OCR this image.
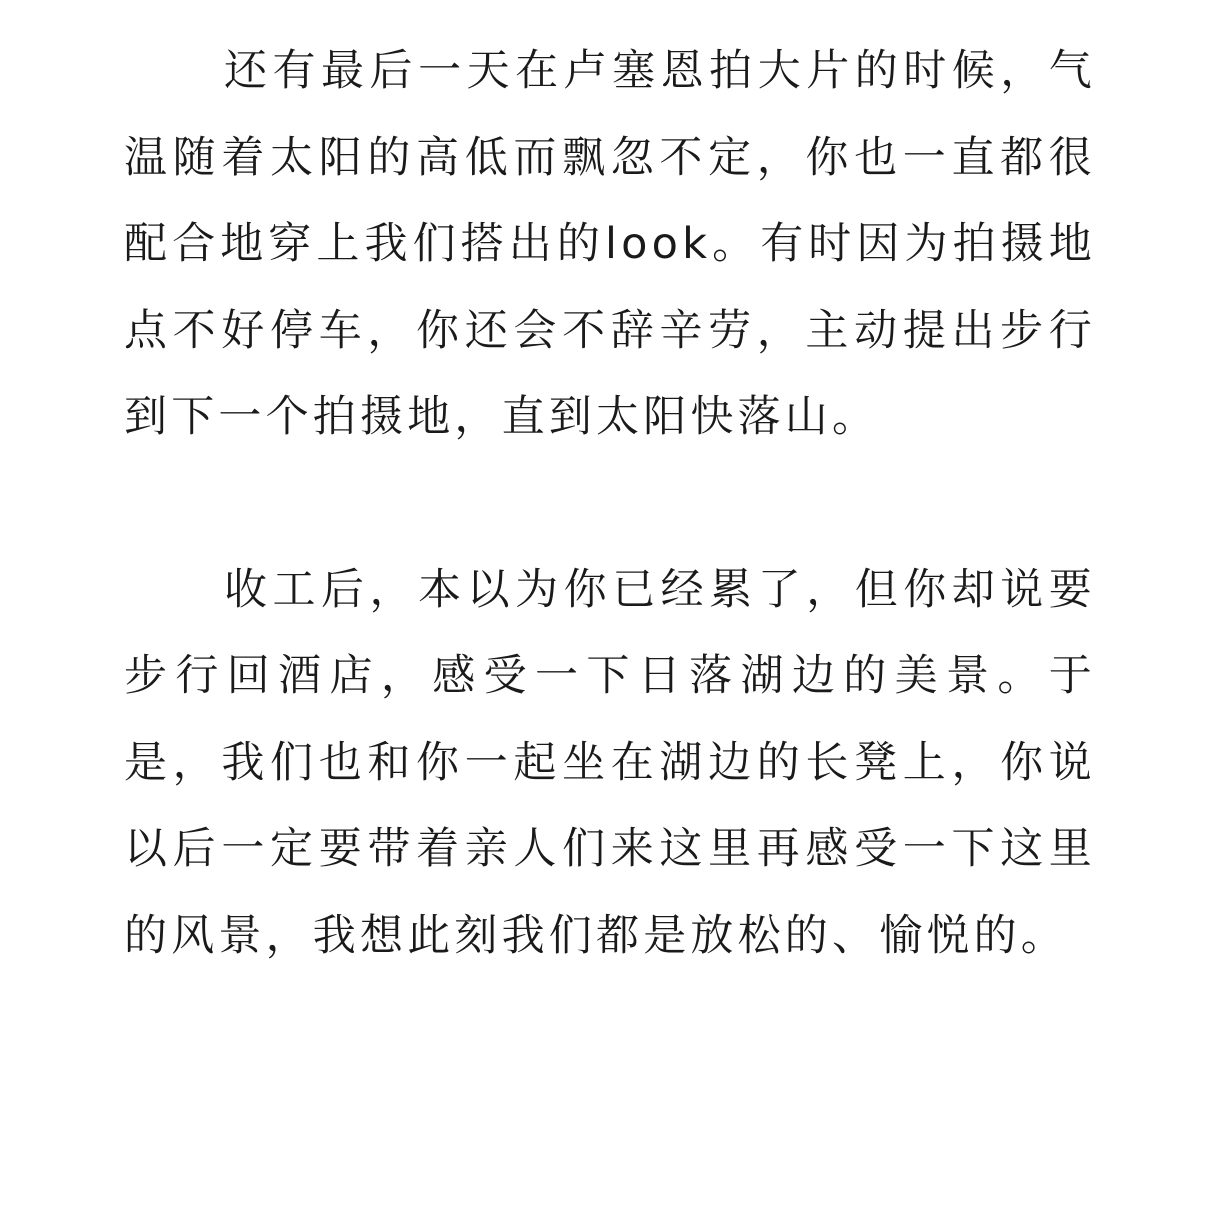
还有最后一天在卢塞恩拍大片的时候，气温随着太阳的高低而飘忽不定，你也一直都很配合地穿上我们搭出的look。有时因为拍摄地点不好停车，你还会不辞辛劳，主动提出步行到下一个拍摄地，直到太阳快落山。

收工后，本以为你已经累了，但你却说要步行回酒店，感受一下日落湖边的美景。于是，我们也和你一起坐在湖边的长凳上，你说以后一定要带着亲人们来这里再感受一下这里的风景，我想此刻我们都是放松的、愉悦的。
